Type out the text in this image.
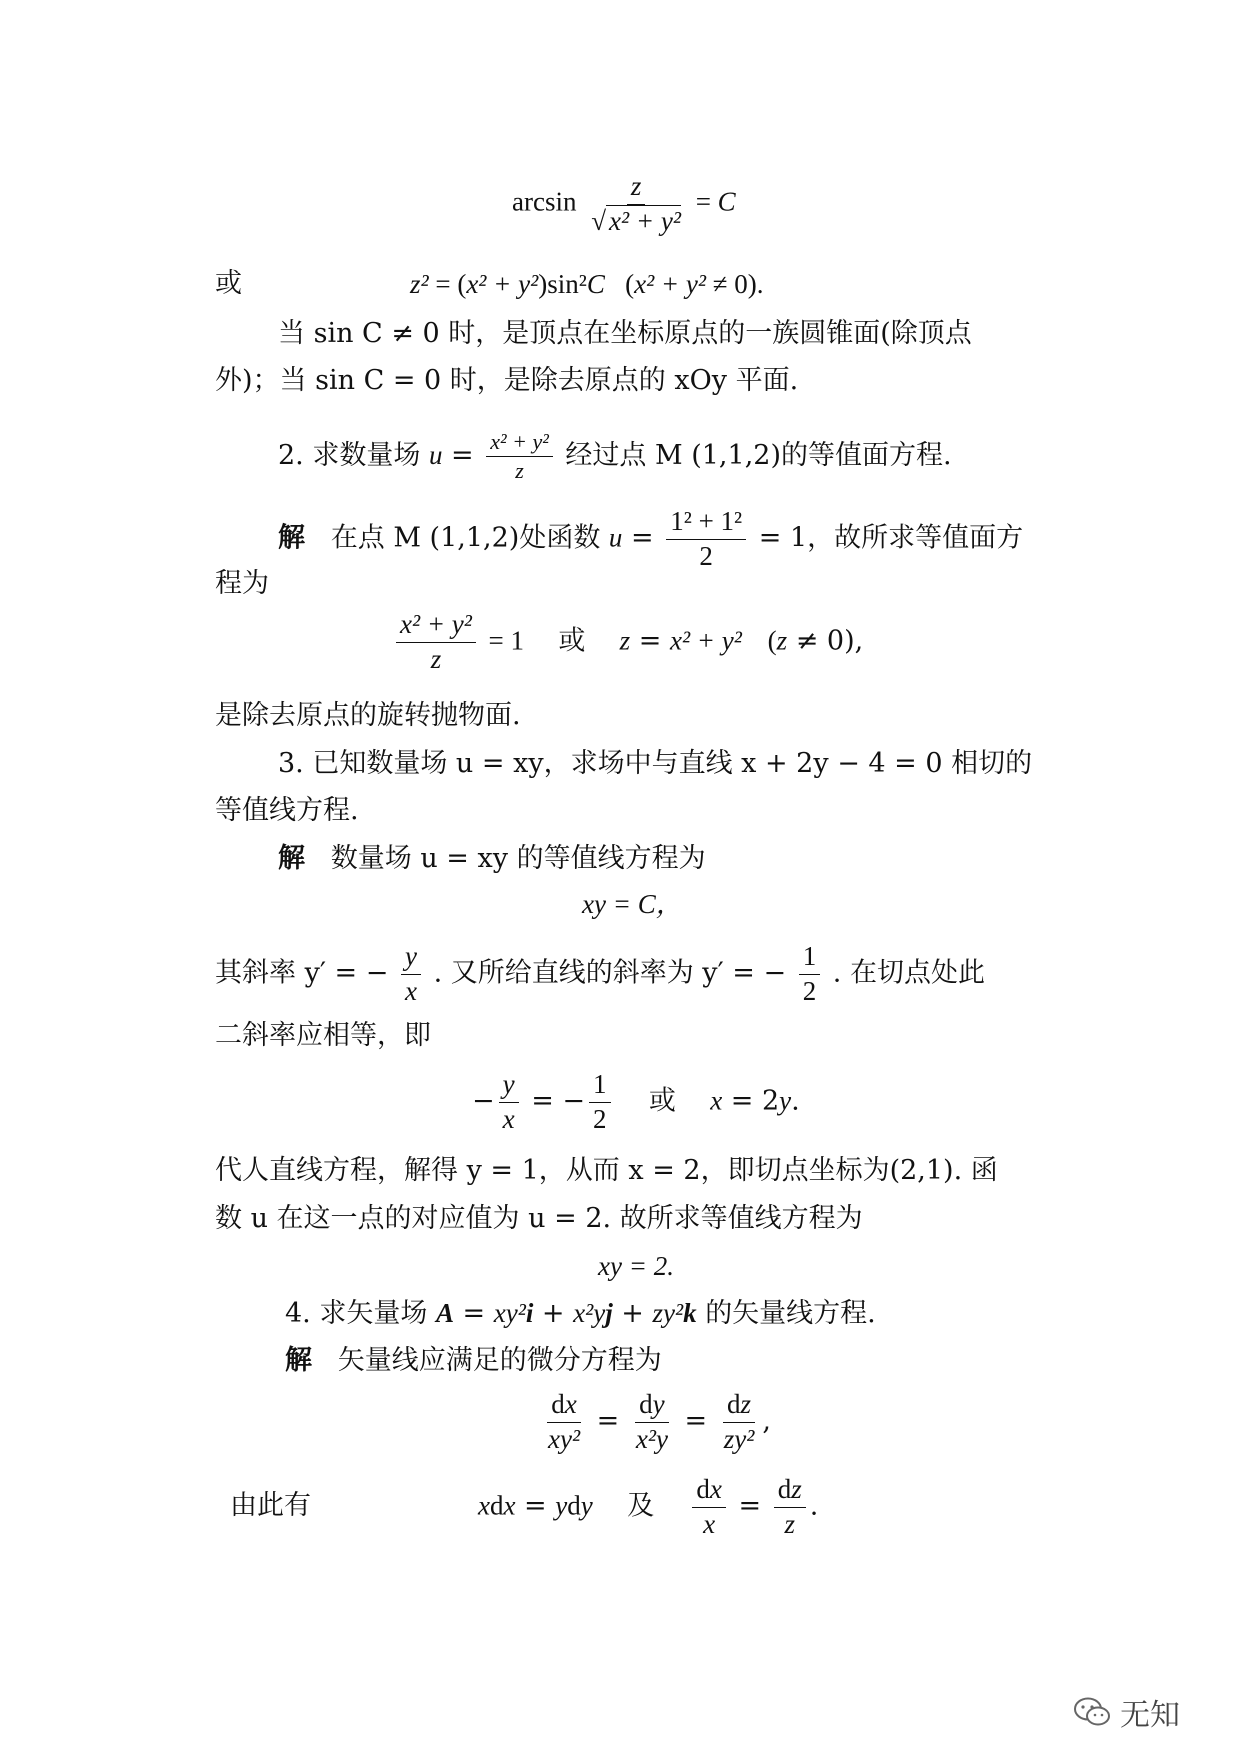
$\arcsin \frac{z}{\text{√ x² + y²}} = C$
或	z² = (x² + y²)sin²C   (x² + y² ≠ 0).
当 sin C ≠ 0 时，是顶点在坐标原点的一族圆锥面(除顶点
外)；当 sin C = 0 时，是除去原点的 xOy 平面.
2. 求数量场 $u = \frac{\text{x² + y²}}{z}$ 经过点 M (1,1,2)的等值面方程.
解 在点 M (1,1,2)处函数 $u = \frac{\text{1² + 1²}}{2} = 1$，故所求等值面方
程为
$\frac{\text{x² + y²}}{z} = 1$ 或 z = x² + y² (z ≠ 0),
是除去原点的旋转抛物面.
3. 已知数量场 u = xy，求场中与直线 x + 2y − 4 = 0 相切的
等值线方程.
解 数量场 u = xy 的等值线方程为
xy = C，
其斜率 y′ = − $\frac{y}{x}$ . 又所给直线的斜率为 y′ = − $\frac{1}{2}$ . 在切点处此
二斜率应相等，即
− $\frac{y}{x}$ = − $\frac{1}{2}$ 或 x = 2y.
代人直线方程，解得 y = 1，从而 x = 2，即切点坐标为(2,1). 函
数 u 在这一点的对应值为 u = 2. 故所求等值线方程为
xy = 2.
4. 求矢量场 A = xy²i + x²yj + zy²k 的矢量线方程.
解 矢量线应满足的微分方程为
$\frac{dx}{\text{xy²}} = \frac{dy}{\text{x²y}} = \frac{dz}{\text{zy²}}$ ,
由此有	xdx = ydy 及 $\frac{dx}{x} = \frac{dz}{z}$ .
无知
